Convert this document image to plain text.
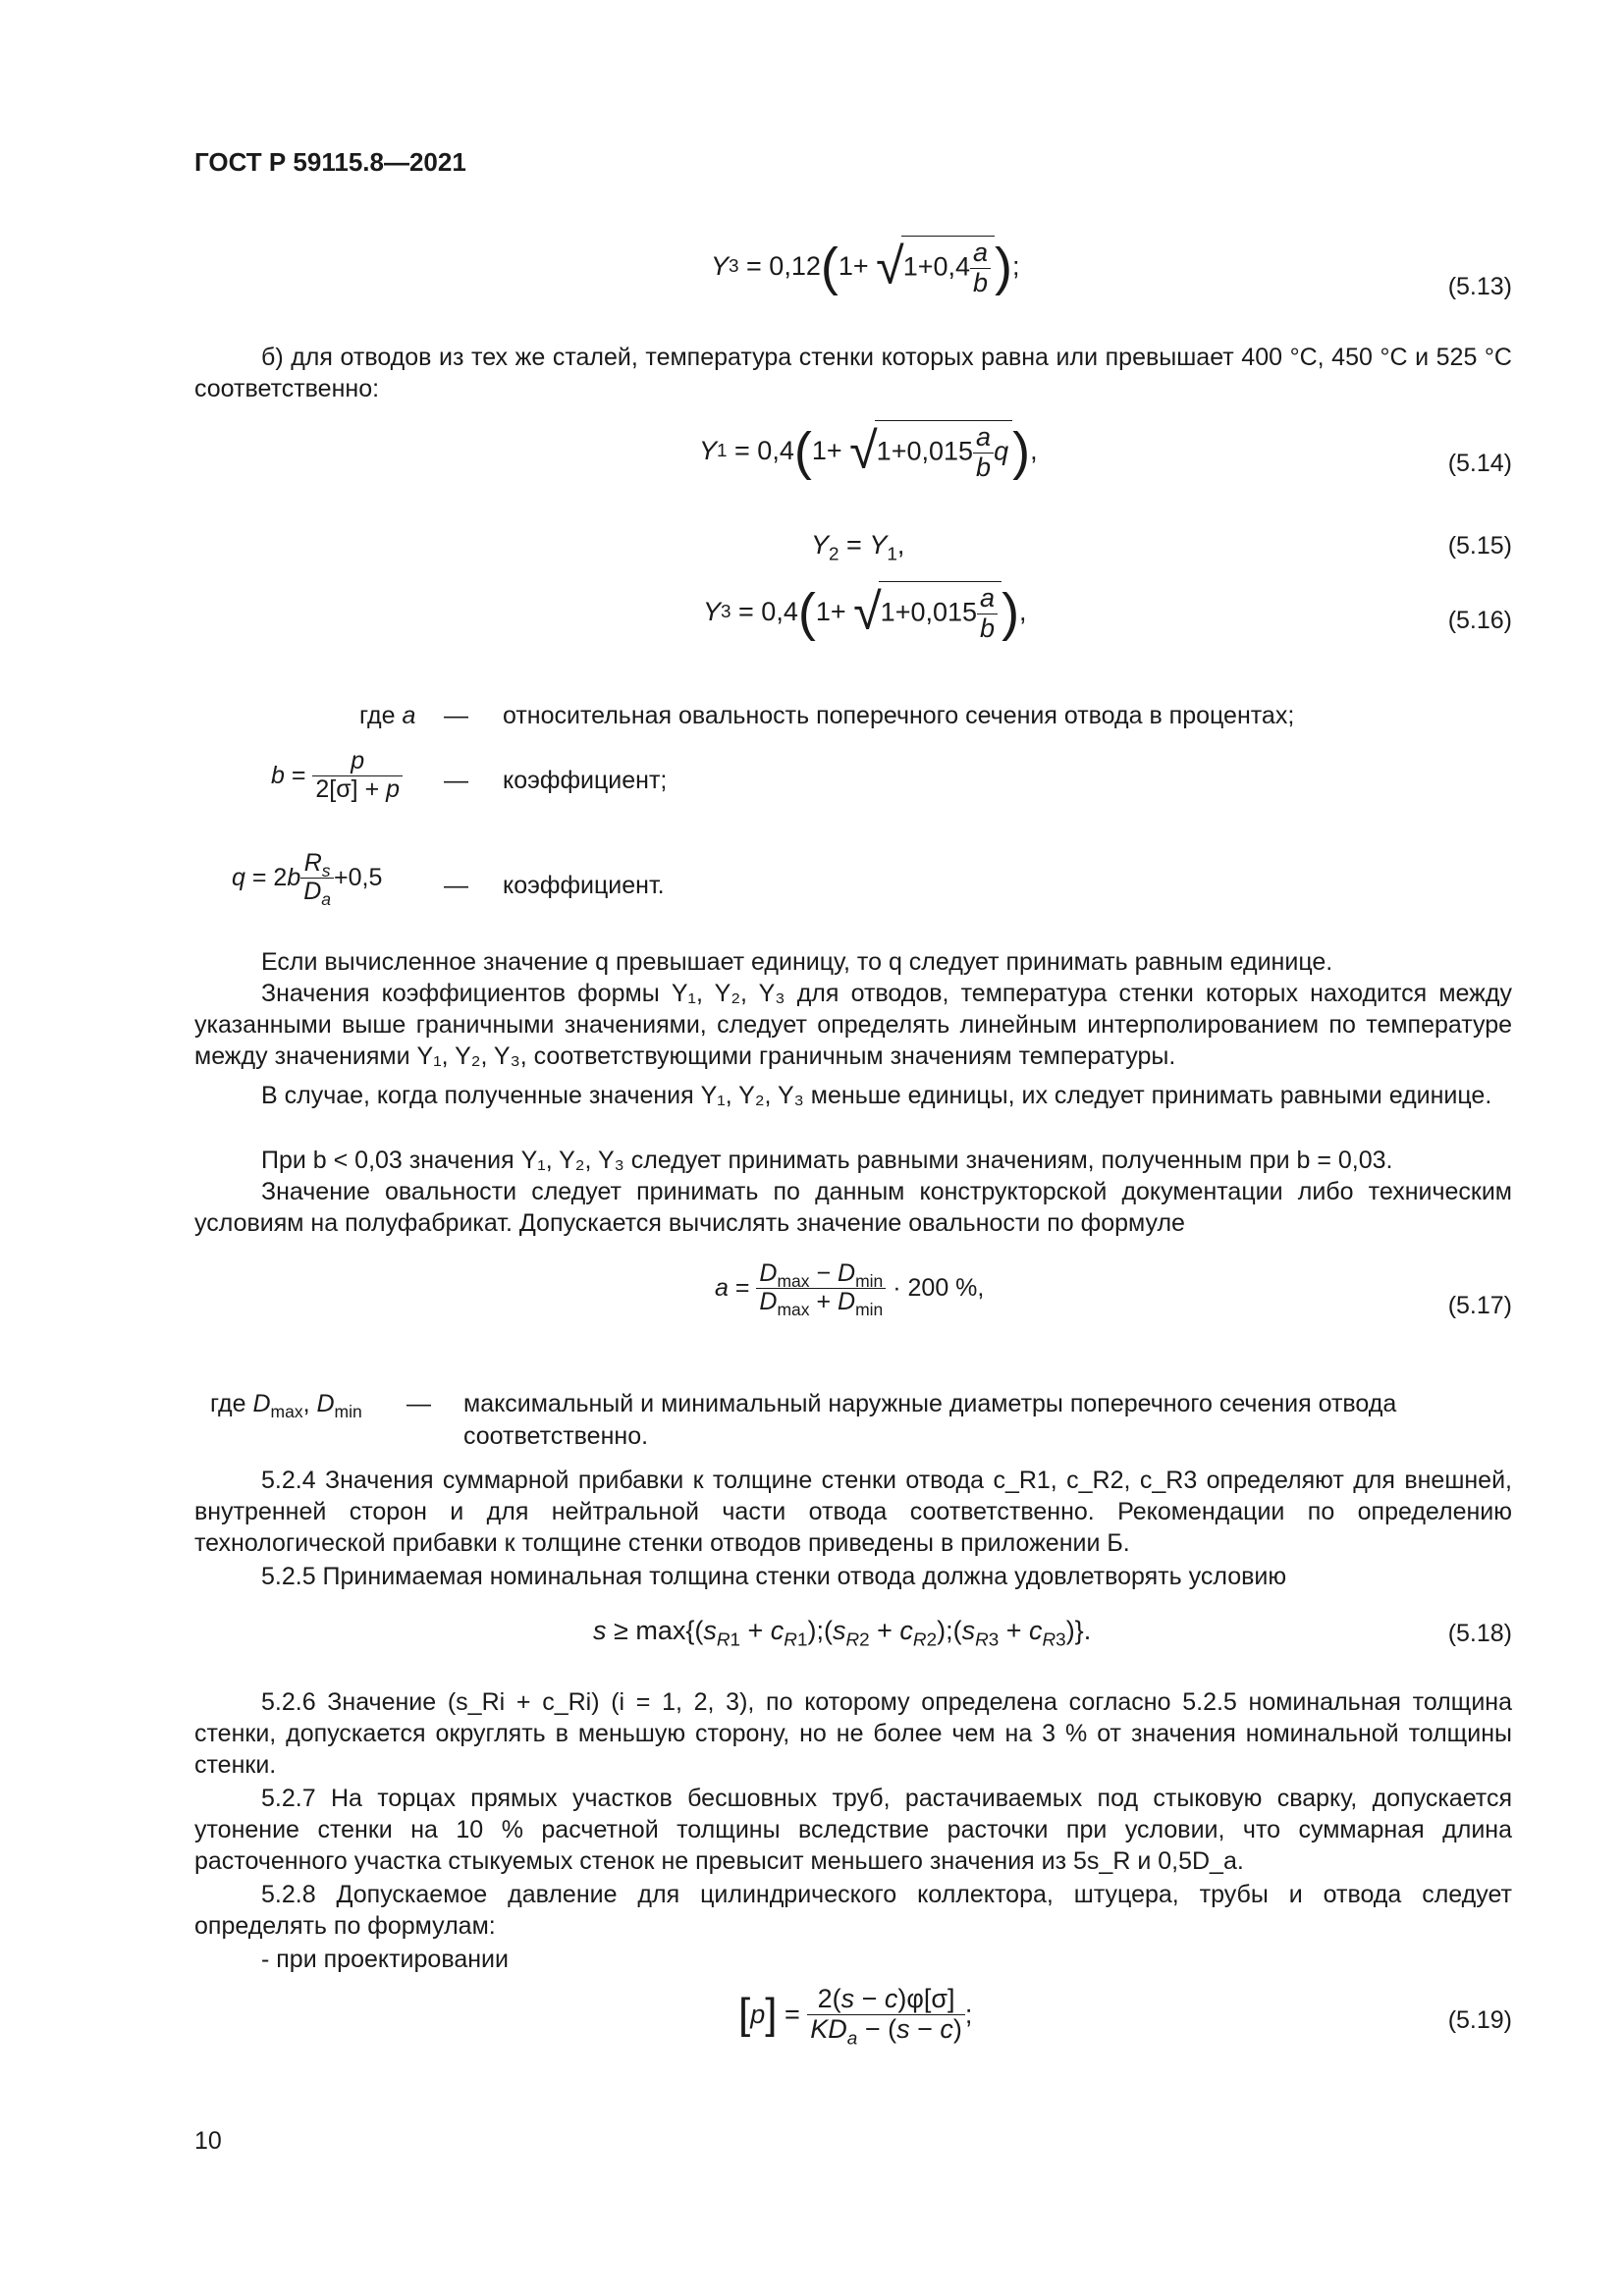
ГОСТ Р 59115.8—2021
Y 3 = 0,12 ( $1+ √1+0,4 \frac{a}{b}$ ) ;
(5.13)
б) для отводов из тех же сталей, температура стенки которых равна или превышает 400 °С, 450 °С и 525 °С соответственно:
Y 1 = 0,4 ( $1+ √1+0,015 \frac{a}{b}$ q ) ,	(5.14)
$Y_2 = Y_1$,	(5.15)
Y 3 = 0,4 ( $1+ √1+0,015 \frac{a}{b}$ ) ,	(5.16)
где a — относительная овальность поперечного сечения отвода в процентах;
$b = \frac{p}{2[\sigma] + p}$ — коэффициент;
q = 2 b $\frac{R_s}{D_a} +0,5$	— коэффициент.
Если вычисленное значение q превышает единицу, то q следует принимать равным единице.
Значения коэффициентов формы Y₁, Y₂, Y₃ для отводов, температура стенки которых находится между указанными выше граничными значениями, следует определять линейным интерполированием по температуре между значениями Y₁, Y₂, Y₃, соответствующими граничным значениям температуры.
В случае, когда полученные значения Y₁, Y₂, Y₃ меньше единицы, их следует принимать равными единице.
При b < 0,03 значения Y₁, Y₂, Y₃ следует принимать равными значениям, полученным при b = 0,03.
Значение овальности следует принимать по данным конструкторской документации либо техническим условиям на полуфабрикат. Допускается вычислять значение овальности по формуле
$a = \frac{D_{max} - D_{min}}{D_{max} + D_{min}} \cdot 200$ %,
(5.17)
где $D_{max}$, $D_{min}$ — максимальный и минимальный наружные диаметры поперечного сечения отвода соответственно.
5.2.4 Значения суммарной прибавки к толщине стенки отвода c_R1, c_R2, c_R3 определяют для внешней, внутренней сторон и для нейтральной части отвода соответственно. Рекомендации по определению технологической прибавки к толщине стенки отводов приведены в приложении Б.
5.2.5 Принимаемая номинальная толщина стенки отвода должна удовлетворять условию
$s \ge \max\{(s_{R1}$ + $c_{R1});(s_{R2}$ + $c_{R2});(s_{R3} + c_{R3})$}.	(5.18)
5.2.6 Значение (s_Ri + c_Ri) (i = 1, 2, 3), по которому определена согласно 5.2.5 номинальная толщина стенки, допускается округлять в меньшую сторону, но не более чем на 3 % от значения номинальной толщины стенки.
5.2.7 На торцах прямых участков бесшовных труб, растачиваемых под стыковую сварку, допускается утонение стенки на 10 % расчетной толщины вследствие расточки при условии, что суммарная длина расточенного участка стыкуемых стенок не превысит меньшего значения из 5s_R и 0,5D_a.
5.2.8 Допускаемое давление для цилиндрического коллектора, штуцера, трубы и отвода следует определять по формулам:
- при проектировании
[ p ] = $\frac{2(s - c)\varphi[\sigma]}{KD_a - (s - c)}$ ;	(5.19)
10
